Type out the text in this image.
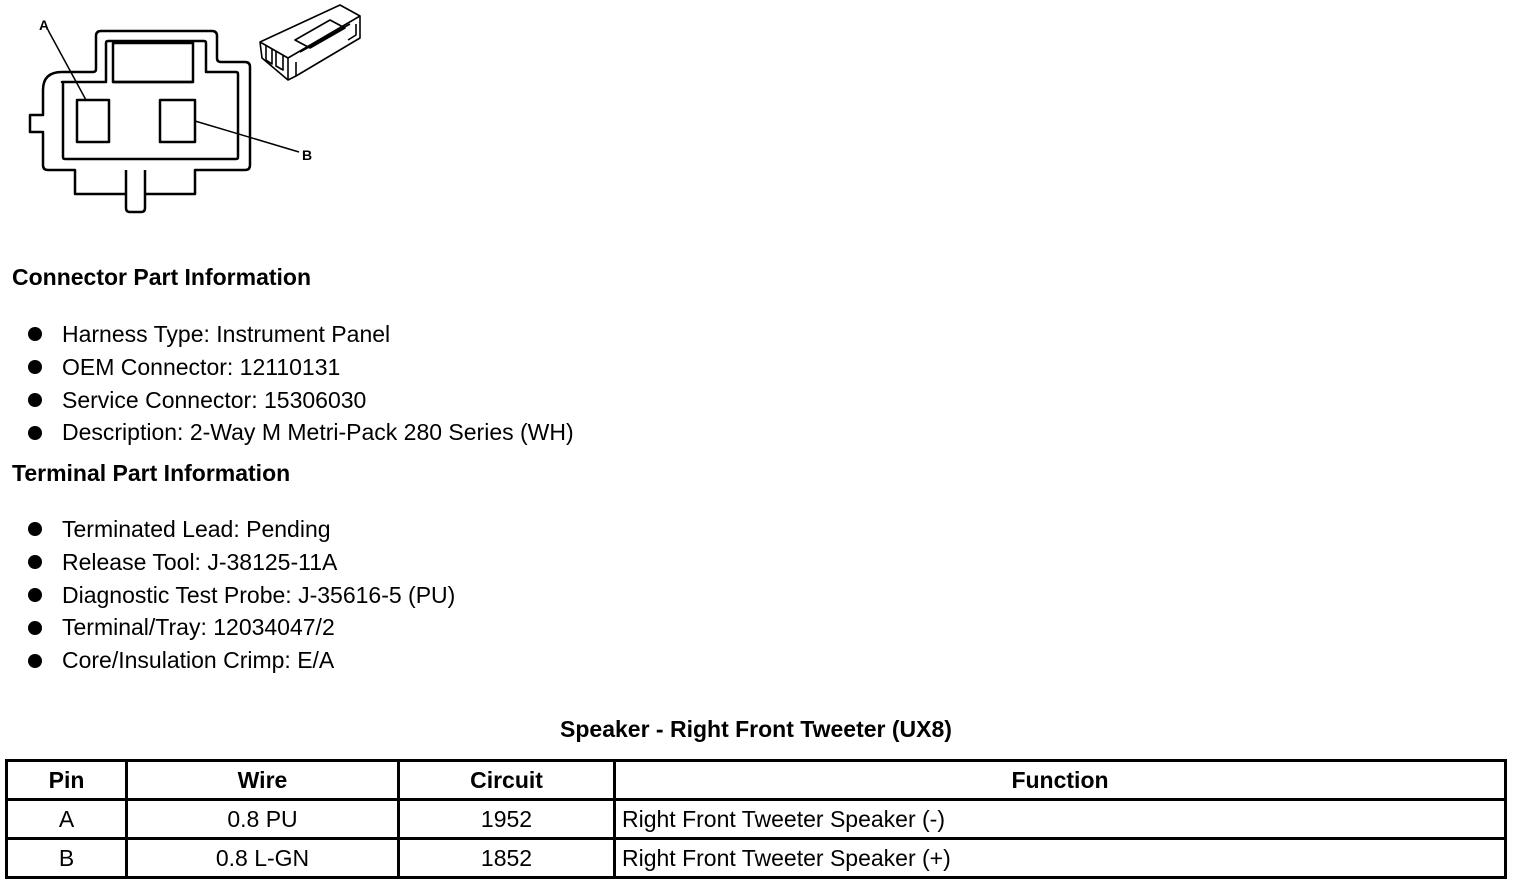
A
B
Connector Part Information
Harness Type: Instrument Panel
OEM Connector: 12110131
Service Connector: 15306030
Description: 2-Way M Metri-Pack 280 Series (WH)
Terminal Part Information
Terminated Lead: Pending
Release Tool: J-38125-11A
Diagnostic Test Probe: J-35616-5 (PU)
Terminal/Tray: 12034047/2
Core/Insulation Crimp: E/A
Speaker - Right Front Tweeter (UX8)
Pin	Wire	Circuit	Function
A	0.8 PU	1952	Right Front Tweeter Speaker (-)
B	0.8 L-GN	1852	Right Front Tweeter Speaker (+)
